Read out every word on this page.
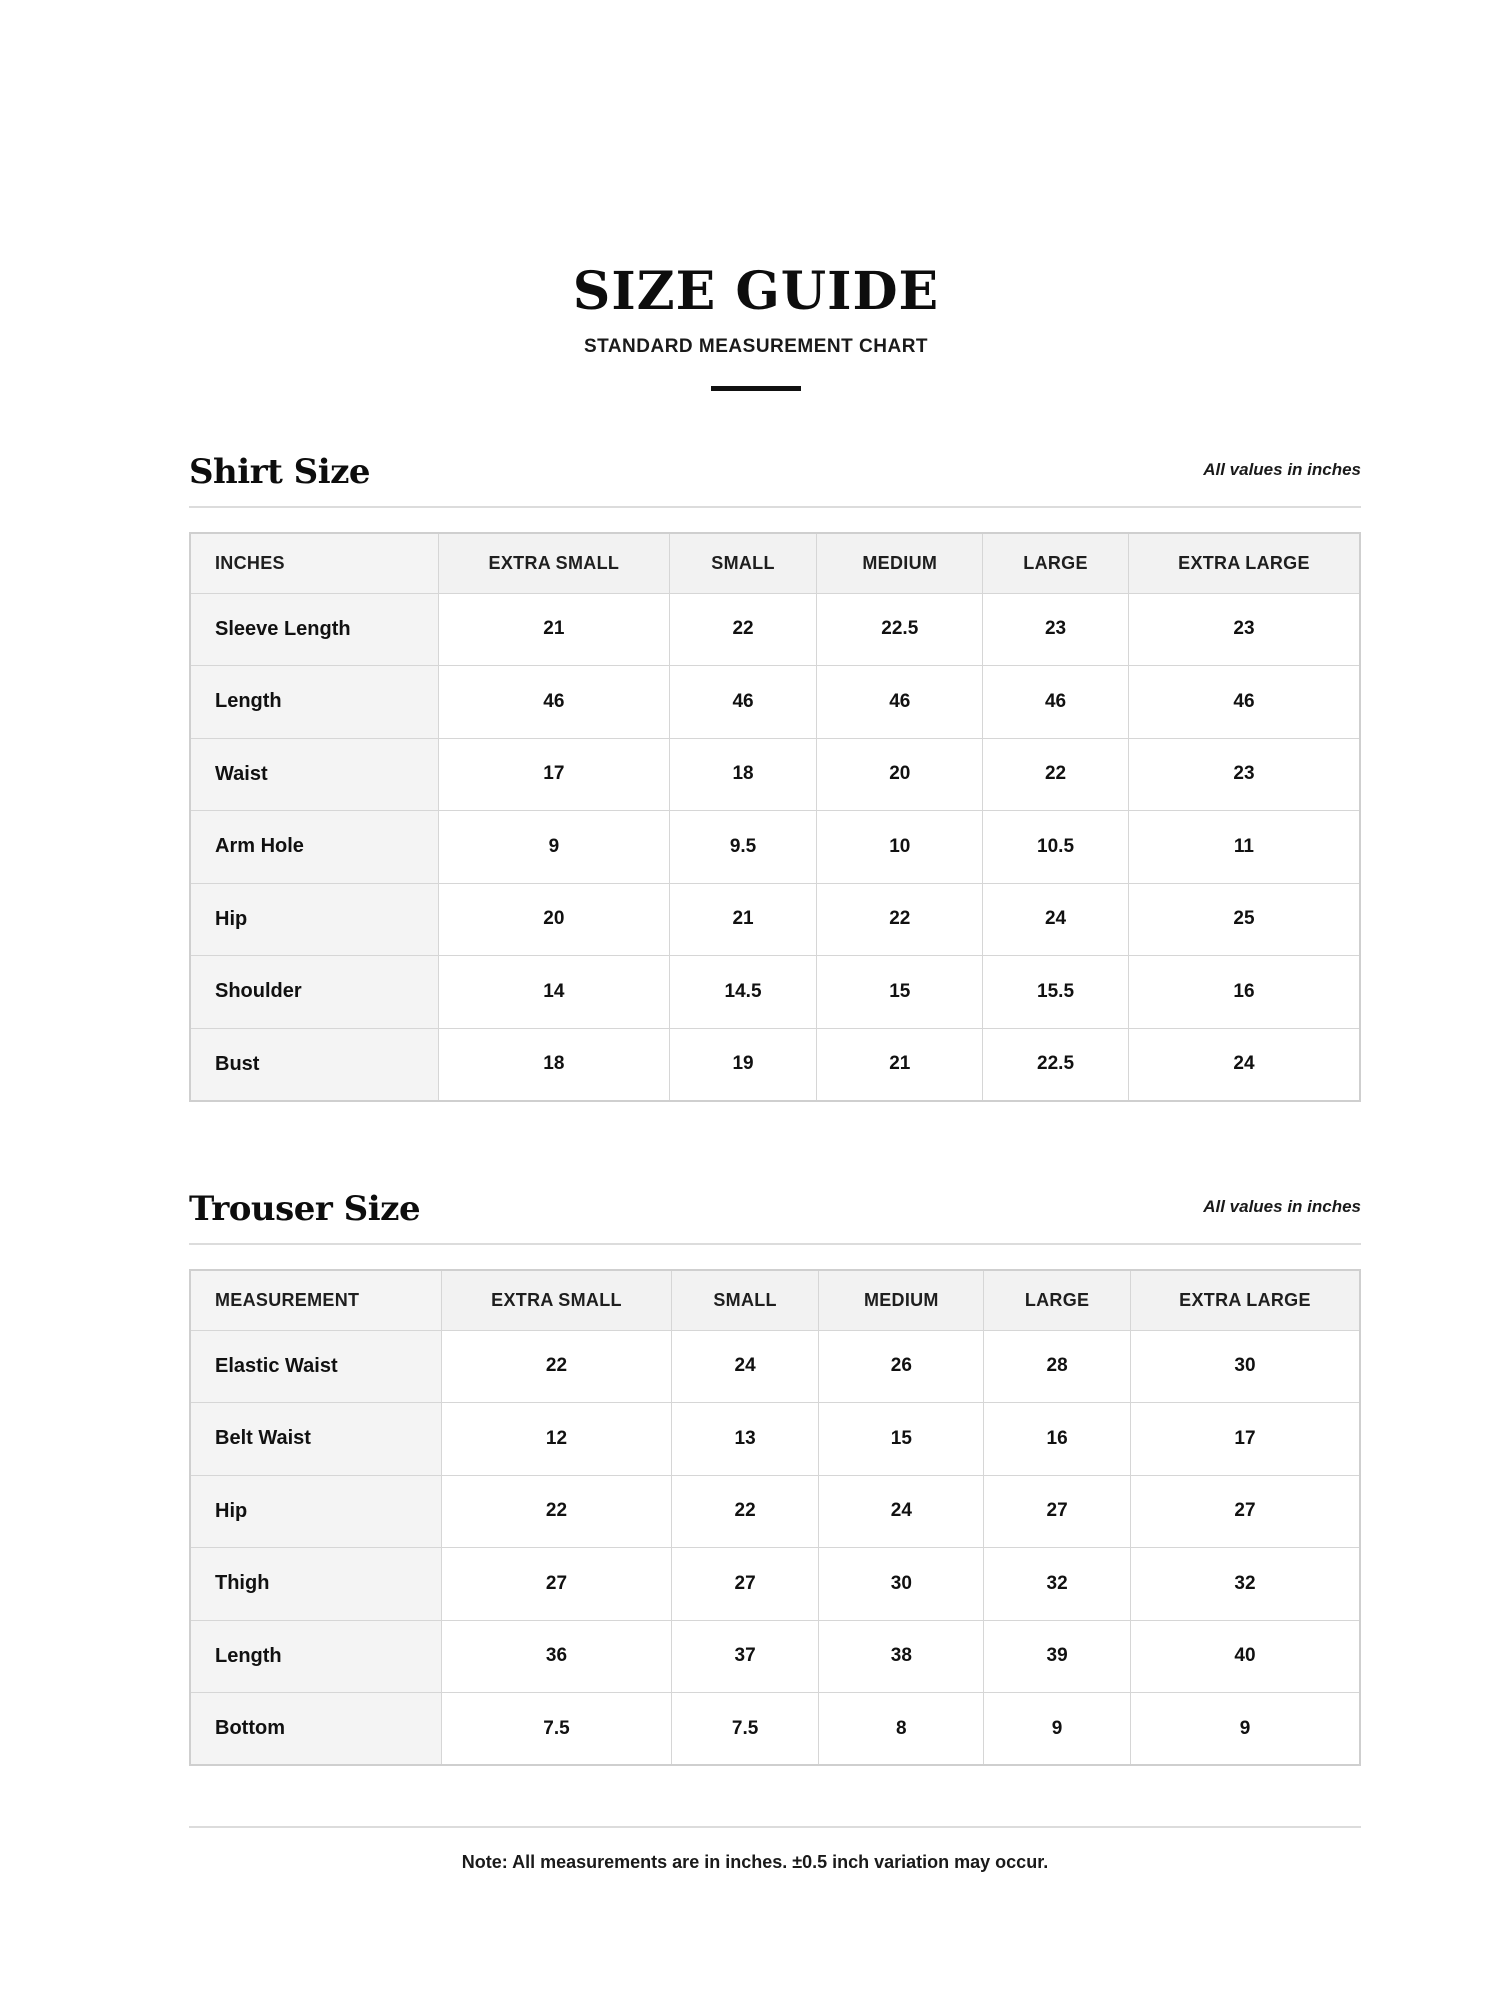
SIZE GUIDE
STANDARD MEASUREMENT CHART
Shirt Size	All values in inches
INCHES	EXTRA SMALL	SMALL	MEDIUM	LARGE	EXTRA LARGE
Sleeve Length	21	22	22.5	23	23
Length	46	46	46	46	46
Waist	17	18	20	22	23
Arm Hole	9	9.5	10	10.5	11
Hip	20	21	22	24	25
Shoulder	14	14.5	15	15.5	16
Bust	18	19	21	22.5	24
Trouser Size	All values in inches
MEASUREMENT	EXTRA SMALL	SMALL	MEDIUM	LARGE	EXTRA LARGE
Elastic Waist	22	24	26	28	30
Belt Waist	12	13	15	16	17
Hip	22	22	24	27	27
Thigh	27	27	30	32	32
Length	36	37	38	39	40
Bottom	7.5	7.5	8	9	9
Note: All measurements are in inches. ±0.5 inch variation may occur.
